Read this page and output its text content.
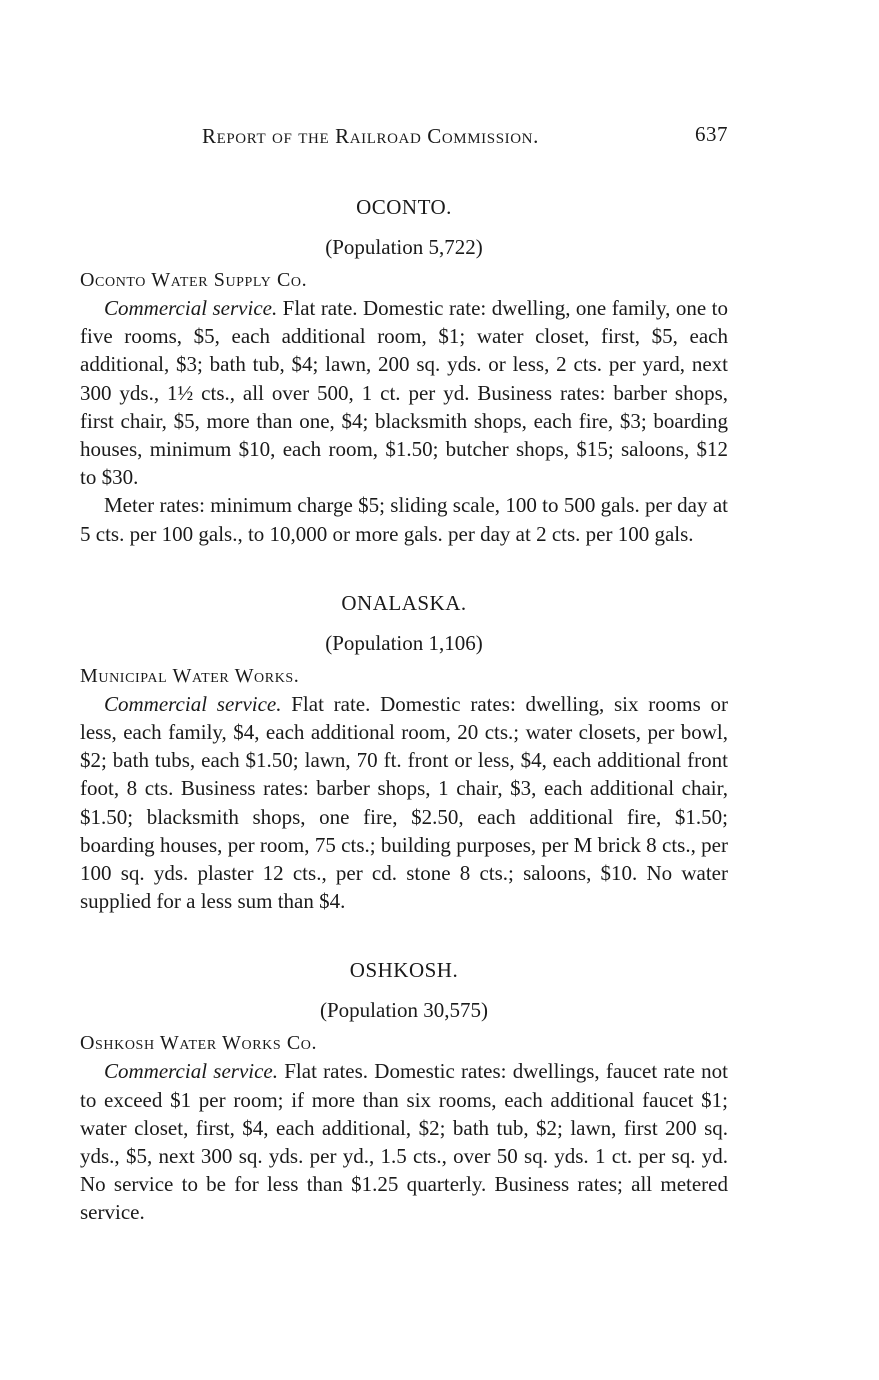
Report of the Railroad Commission.	637
OCONTO.
(Population 5,722)
Oconto Water Supply Co.

Commercial service. Flat rate. Domestic rate: dwelling, one family, one to five rooms, $5, each additional room, $1; water closet, first, $5, each additional, $3; bath tub, $4; lawn, 200 sq. yds. or less, 2 cts. per yard, next 300 yds., 1½ cts., all over 500, 1 ct. per yd. Business rates: barber shops, first chair, $5, more than one, $4; blacksmith shops, each fire, $3; boarding houses, minimum $10, each room, $1.50; butcher shops, $15; saloons, $12 to $30.

Meter rates: minimum charge $5; sliding scale, 100 to 500 gals. per day at 5 cts. per 100 gals., to 10,000 or more gals. per day at 2 cts. per 100 gals.

ONALASKA.
(Population 1,106)
Municipal Water Works.

Commercial service. Flat rate. Domestic rates: dwelling, six rooms or less, each family, $4, each additional room, 20 cts.; water closets, per bowl, $2; bath tubs, each $1.50; lawn, 70 ft. front or less, $4, each additional front foot, 8 cts. Business rates: barber shops, 1 chair, $3, each additional chair, $1.50; blacksmith shops, one fire, $2.50, each additional fire, $1.50; boarding houses, per room, 75 cts.; building purposes, per M brick 8 cts., per 100 sq. yds. plaster 12 cts., per cd. stone 8 cts.; saloons, $10. No water supplied for a less sum than $4.

OSHKOSH.
(Population 30,575)
Oshkosh Water Works Co.

Commercial service. Flat rates. Domestic rates: dwellings, faucet rate not to exceed $1 per room; if more than six rooms, each additional faucet $1; water closet, first, $4, each additional, $2; bath tub, $2; lawn, first 200 sq. yds., $5, next 300 sq. yds. per yd., 1.5 cts., over 50 sq. yds. 1 ct. per sq. yd. No service to be for less than $1.25 quarterly. Business rates; all metered service.
